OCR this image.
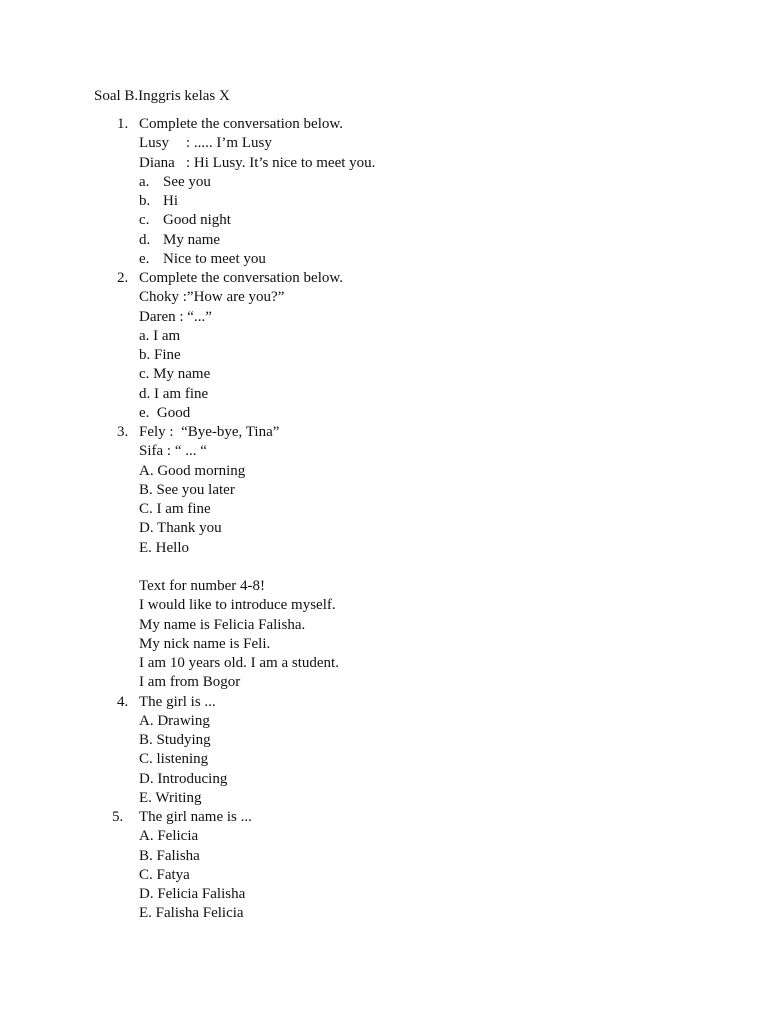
Soal B.Inggris kelas X
1. Complete the conversation below.
Lusy : ..... I’m Lusy
Diana : Hi Lusy. It’s nice to meet you.
a. See you
b. Hi
c. Good night
d. My name
e. Nice to meet you
2. Complete the conversation below.
Choky :”How are you?”
Daren : “...”
a. I am
b. Fine
c. My name
d. I am fine
e.  Good
3. Fely :  “Bye-bye, Tina”
Sifa : “ ... “
A. Good morning
B. See you later
C. I am fine
D. Thank you
E. Hello
Text for number 4-8!
I would like to introduce myself.
My name is Felicia Falisha.
My nick name is Feli.
I am 10 years old. I am a student.
I am from Bogor
4. The girl is ...
A. Drawing
B. Studying
C. listening
D. Introducing
E. Writing
5. The girl name is ...
A. Felicia
B. Falisha
C. Fatya
D. Felicia Falisha
E. Falisha Felicia
